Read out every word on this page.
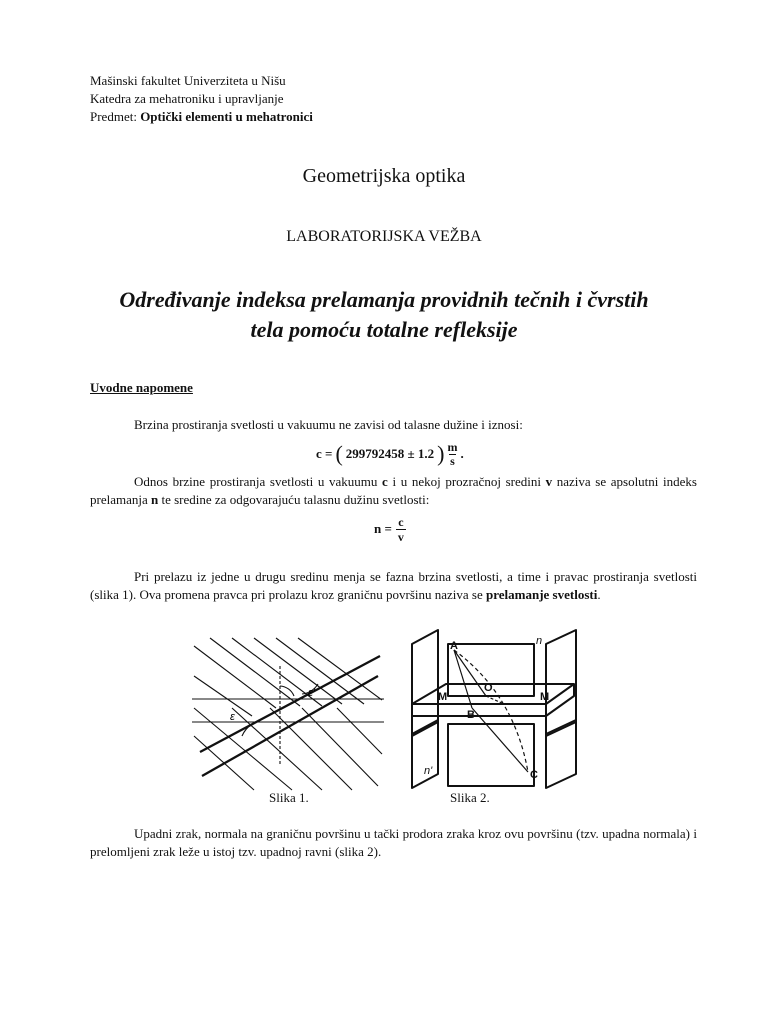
Mašinski fakultet Univerziteta u Nišu
Katedra za mehatroniku i upravljanje
Predmet: Optički elementi u mehatronici
Geometrijska optika
LABORATORIJSKA VEŽBA
Određivanje indeksa prelamanja providnih tečnih i čvrstih
tela pomoću totalne refleksije
Uvodne napomene
Brzina prostiranja svetlosti u vakuumu ne zavisi od talasne dužine i iznosi:
c = ( 299792458 ± 1.2 ) $\frac{m}{s}$ .
Odnos brzine prostiranja svetlosti u vakuumu c i u nekoj prozračnoj sredini v naziva se apsolutni indeks prelamanja n te sredine za odgovarajuću talasnu dužinu svetlosti:
$n = \frac{c}{v}$
Pri prelazu iz jedne u drugu sredinu menja se fazna brzina svetlosti, a time i pravac prostiranja svetlosti (slika 1). Ova promena pravca pri prolazu kroz graničnu površinu naziva se prelamanje svetlosti.
ε'
ε
Slika 1.
A
O
B
C
M	M
n
n'
Slika 2.
Upadni zrak, normala na graničnu površinu u tački prodora zraka kroz ovu površinu (tzv. upadna normala) i prelomljeni zrak leže u istoj tzv. upadnoj ravni (slika 2).
